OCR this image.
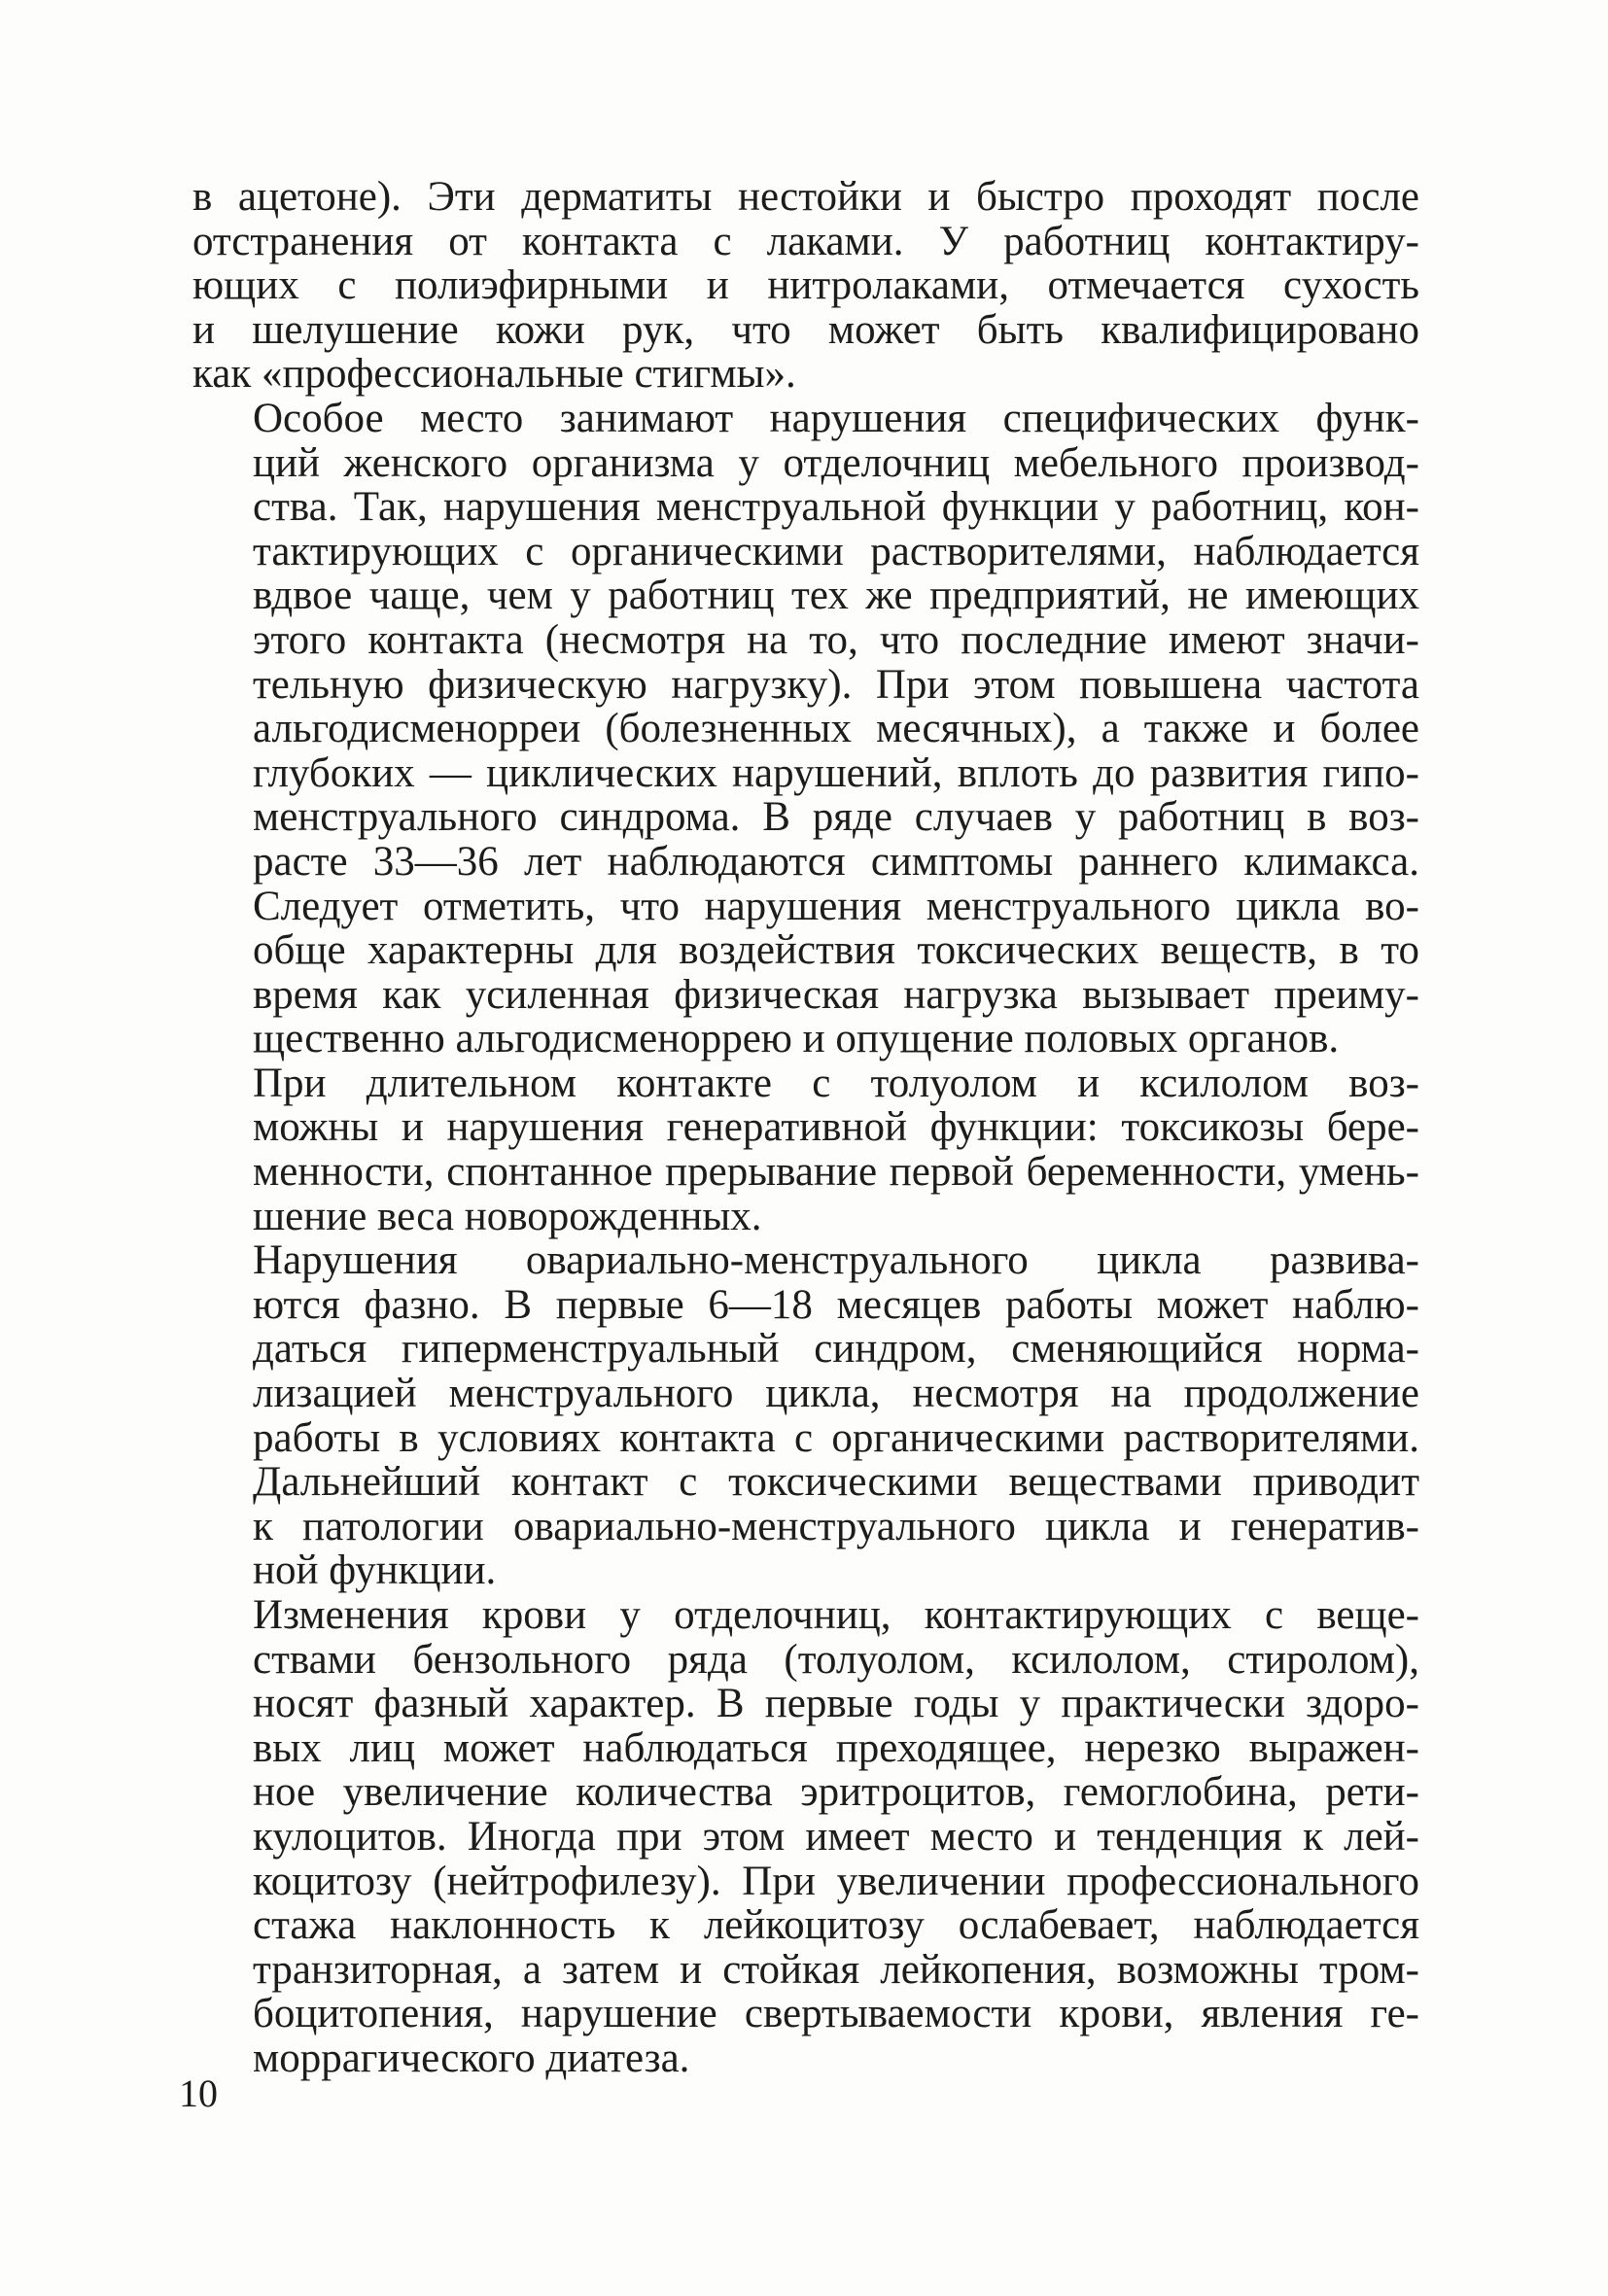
в ацетоне). Эти дерматиты нестойки и быстро проходят после
отстранения от контакта с лаками. У работниц контактиру-
ющих с полиэфирными и нитролаками, отмечается сухость
и шелушение кожи рук, что может быть квалифицировано
как «профессиональные стигмы».

Особое место занимают нарушения специфических функ-
ций женского организма у отделочниц мебельного производ-
ства. Так, нарушения менструальной функции у работниц, кон-
тактирующих с органическими растворителями, наблюдается
вдвое чаще, чем у работниц тех же предприятий, не имеющих
этого контакта (несмотря на то, что последние имеют значи-
тельную физическую нагрузку). При этом повышена частота
альгодисменорреи (болезненных месячных), а также и более
глубоких — циклических нарушений, вплоть до развития гипо-
менструального синдрома. В ряде случаев у работниц в воз-
расте 33—36 лет наблюдаются симптомы раннего климакса.
Следует отметить, что нарушения менструального цикла во-
обще характерны для воздействия токсических веществ, в то
время как усиленная физическая нагрузка вызывает преиму-
щественно альгодисменоррею и опущение половых органов.

При длительном контакте с толуолом и ксилолом воз-
можны и нарушения генеративной функции: токсикозы бере-
менности, спонтанное прерывание первой беременности, умень-
шение веса новорожденных.

Нарушения овариально-менструального цикла развива-
ются фазно. В первые 6—18 месяцев работы может наблю-
даться гиперменструальный синдром, сменяющийся норма-
лизацией менструального цикла, несмотря на продолжение
работы в условиях контакта с органическими растворителями.
Дальнейший контакт с токсическими веществами приводит
к патологии овариально-менструального цикла и генератив-
ной функции.

Изменения крови у отделочниц, контактирующих с веще-
ствами бензольного ряда (толуолом, ксилолом, стиролом),
носят фазный характер. В первые годы у практически здоро-
вых лиц может наблюдаться преходящее, нерезко выражен-
ное увеличение количества эритроцитов, гемоглобина, рети-
кулоцитов. Иногда при этом имеет место и тенденция к лей-
коцитозу (нейтрофилезу). При увеличении профессионального
стажа наклонность к лейкоцитозу ослабевает, наблюдается
транзиторная, а затем и стойкая лейкопения, возможны тром-
боцитопения, нарушение свертываемости крови, явления ге-
моррагического диатеза.

10
